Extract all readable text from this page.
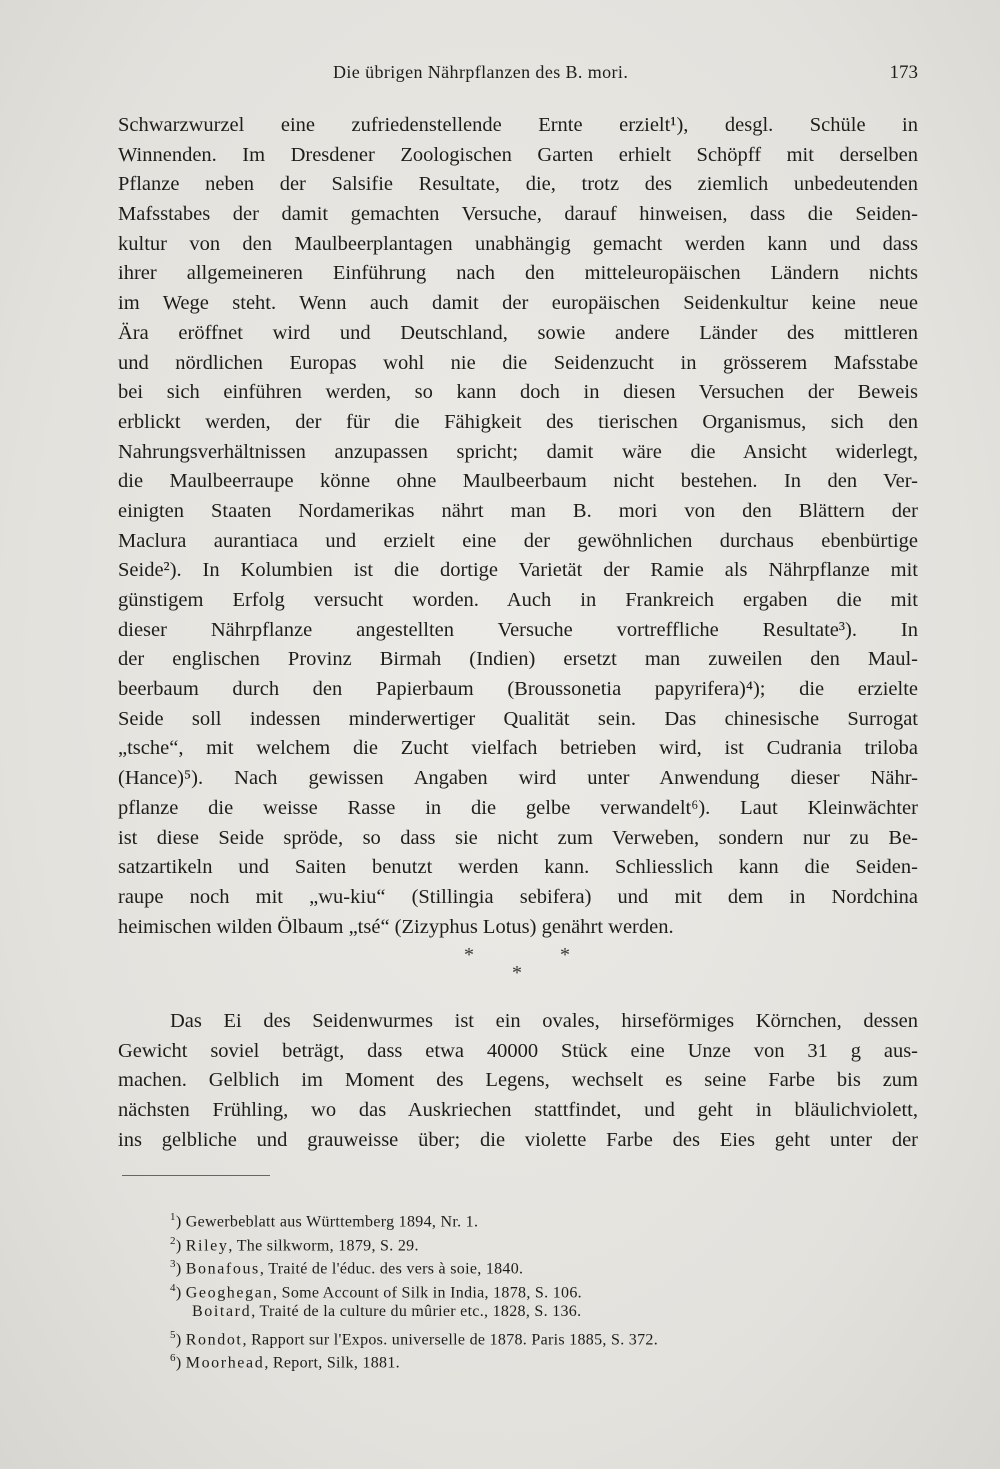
Die übrigen Nährpflanzen des B. mori.	173
Schwarzwurzel eine zufriedenstellende Ernte erzielt¹), desgl. Schüle in
Winnenden. Im Dresdener Zoologischen Garten erhielt Schöpff mit derselben
Pflanze neben der Salsifie Resultate, die, trotz des ziemlich unbedeutenden
Mafsstabes der damit gemachten Versuche, darauf hinweisen, dass die Seiden-
kultur von den Maulbeerplantagen unabhängig gemacht werden kann und dass
ihrer allgemeineren Einführung nach den mitteleuropäischen Ländern nichts
im Wege steht. Wenn auch damit der europäischen Seidenkultur keine neue
Ära eröffnet wird und Deutschland, sowie andere Länder des mittleren
und nördlichen Europas wohl nie die Seidenzucht in grösserem Mafsstabe
bei sich einführen werden, so kann doch in diesen Versuchen der Beweis
erblickt werden, der für die Fähigkeit des tierischen Organismus, sich den
Nahrungsverhältnissen anzupassen spricht; damit wäre die Ansicht widerlegt,
die Maulbeerraupe könne ohne Maulbeerbaum nicht bestehen. In den Ver-
einigten Staaten Nordamerikas nährt man B. mori von den Blättern der
Maclura aurantiaca und erzielt eine der gewöhnlichen durchaus ebenbürtige
Seide²). In Kolumbien ist die dortige Varietät der Ramie als Nährpflanze mit
günstigem Erfolg versucht worden. Auch in Frankreich ergaben die mit
dieser Nährpflanze angestellten Versuche vortreffliche Resultate³). In
der englischen Provinz Birmah (Indien) ersetzt man zuweilen den Maul-
beerbaum durch den Papierbaum (Broussonetia papyrifera)⁴); die erzielte
Seide soll indessen minderwertiger Qualität sein. Das chinesische Surrogat
„tsche“, mit welchem die Zucht vielfach betrieben wird, ist Cudrania triloba
(Hance)⁵). Nach gewissen Angaben wird unter Anwendung dieser Nähr-
pflanze die weisse Rasse in die gelbe verwandelt⁶). Laut Kleinwächter
ist diese Seide spröde, so dass sie nicht zum Verweben, sondern nur zu Be-
satzartikeln und Saiten benutzt werden kann. Schliesslich kann die Seiden-
raupe noch mit „wu-kiu“ (Stillingia sebifera) und mit dem in Nordchina
heimischen wilden Ölbaum „tsé“ (Zizyphus Lotus) genährt werden.
*	*
*
Das Ei des Seidenwurmes ist ein ovales, hirseförmiges Körnchen, dessen
Gewicht soviel beträgt, dass etwa 40000 Stück eine Unze von 31 g aus-
machen. Gelblich im Moment des Legens, wechselt es seine Farbe bis zum
nächsten Frühling, wo das Auskriechen stattfindet, und geht in bläulichviolett,
ins gelbliche und grauweisse über; die violette Farbe des Eies geht unter der
$^1$) Gewerbeblatt aus Württemberg 1894, Nr. 1.
$^2$) Riley, The silkworm, 1879, S. 29.
$^3$) Bonafous, Traité de l'éduc. des vers à soie, 1840.
$^4$) Geoghegan, Some Account of Silk in India, 1878, S. 106.
Boitard, Traité de la culture du mûrier etc., 1828, S. 136.
$^5$) Rondot, Rapport sur l'Expos. universelle de 1878. Paris 1885, S. 372.
$^6$) Moorhead, Report, Silk, 1881.
